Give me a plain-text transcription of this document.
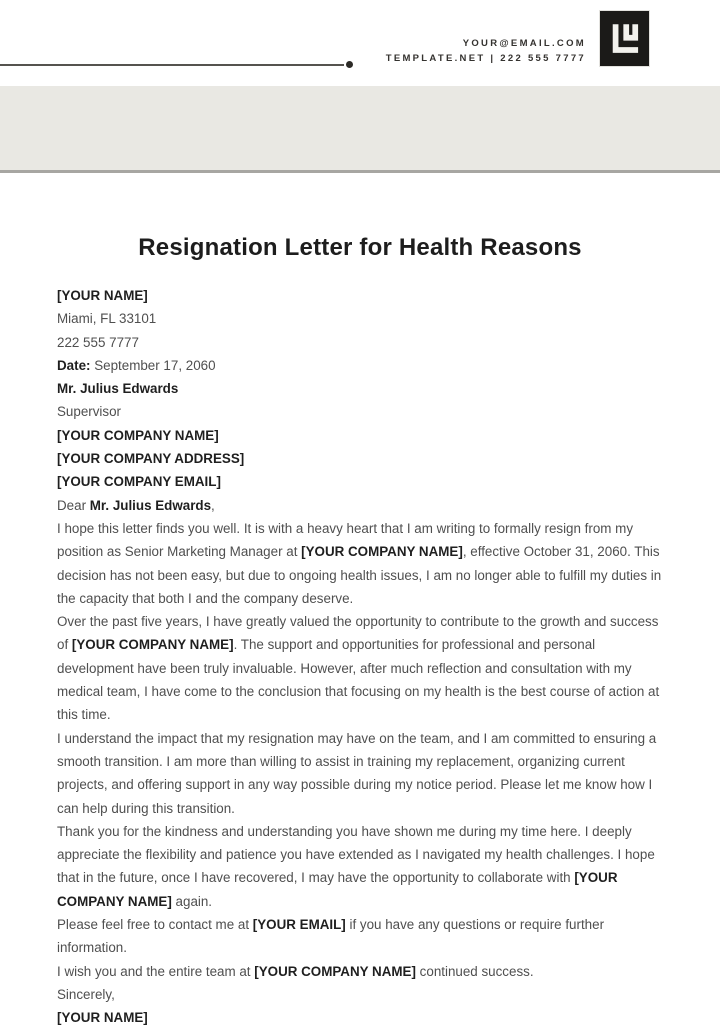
YOUR@EMAIL.COM
TEMPLATE.NET | 222 555 7777
Resignation Letter for Health Reasons
[YOUR NAME]
Miami, FL 33101
222 555 7777
Date: September 17, 2060
Mr. Julius Edwards
Supervisor
[YOUR COMPANY NAME]
[YOUR COMPANY ADDRESS]
[YOUR COMPANY EMAIL]
Dear Mr. Julius Edwards,
I hope this letter finds you well. It is with a heavy heart that I am writing to formally resign from my position as Senior Marketing Manager at [YOUR COMPANY NAME], effective October 31, 2060. This decision has not been easy, but due to ongoing health issues, I am no longer able to fulfill my duties in the capacity that both I and the company deserve.
Over the past five years, I have greatly valued the opportunity to contribute to the growth and success of [YOUR COMPANY NAME]. The support and opportunities for professional and personal development have been truly invaluable. However, after much reflection and consultation with my medical team, I have come to the conclusion that focusing on my health is the best course of action at this time.
I understand the impact that my resignation may have on the team, and I am committed to ensuring a smooth transition. I am more than willing to assist in training my replacement, organizing current projects, and offering support in any way possible during my notice period. Please let me know how I can help during this transition.
Thank you for the kindness and understanding you have shown me during my time here. I deeply appreciate the flexibility and patience you have extended as I navigated my health challenges. I hope that in the future, once I have recovered, I may have the opportunity to collaborate with [YOUR COMPANY NAME] again.
Please feel free to contact me at [YOUR EMAIL] if you have any questions or require further information.
I wish you and the entire team at [YOUR COMPANY NAME] continued success.
Sincerely,
[YOUR NAME]
